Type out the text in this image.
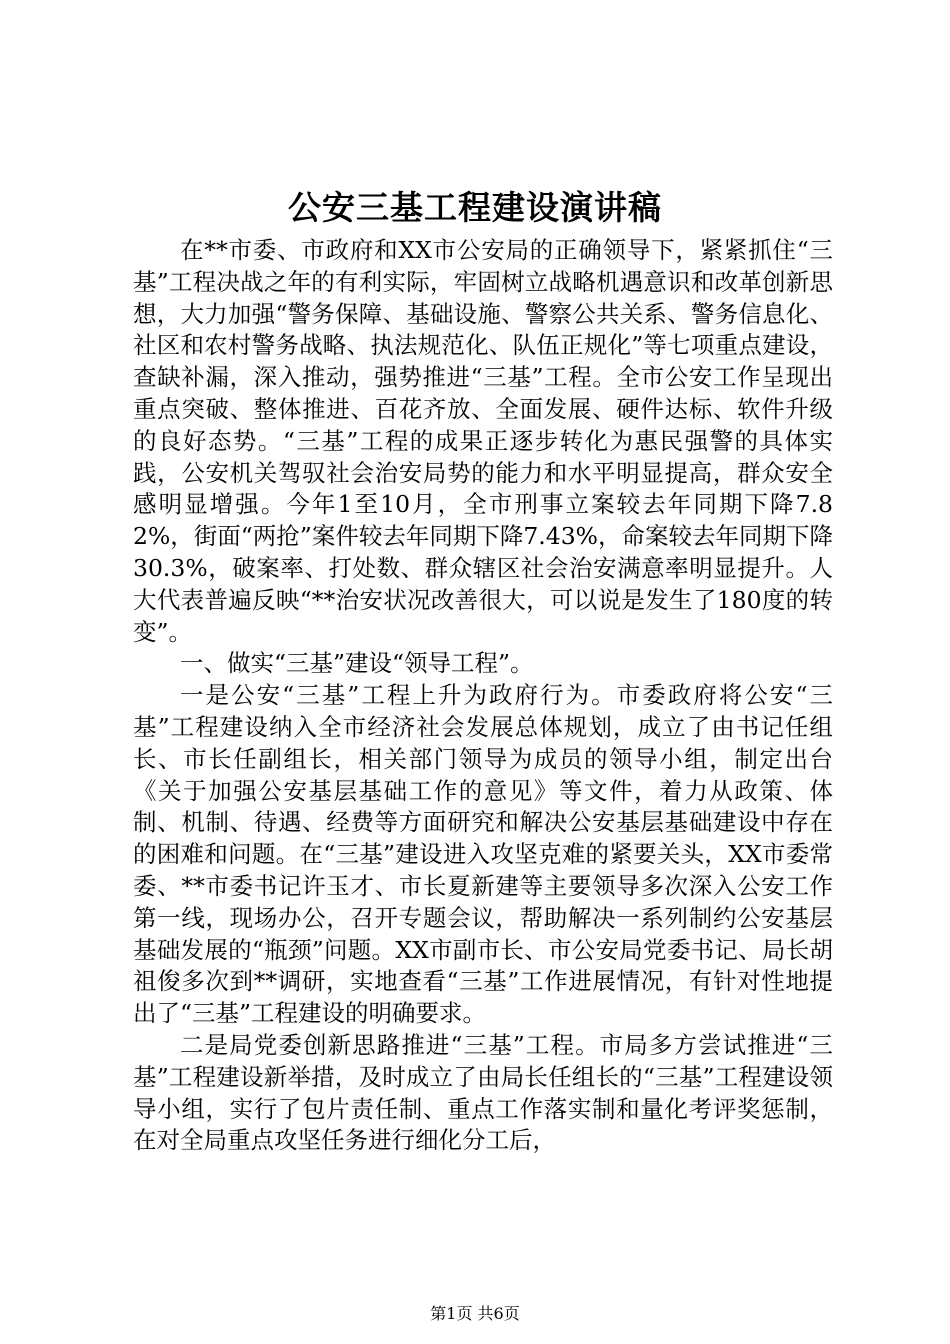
公安三基工程建设演讲稿

在**市委、市政府和XX市公安局的正确领导下，紧紧抓住“三基”工程决战之年的有利实际，牢固树立战略机遇意识和改革创新思想，大力加强“警务保障、基础设施、警察公共关系、警务信息化、社区和农村警务战略、执法规范化、队伍正规化”等七项重点建设，查缺补漏，深入推动，强势推进“三基”工程。全市公安工作呈现出重点突破、整体推进、百花齐放、全面发展、硬件达标、软件升级的良好态势。“三基”工程的成果正逐步转化为惠民强警的具体实践，公安机关驾驭社会治安局势的能力和水平明显提高，群众安全感明显增强。今年1至10月，全市刑事立案较去年同期下降7.82%，街面“两抢”案件较去年同期下降7.43%，命案较去年同期下降30.3%，破案率、打处数、群众辖区社会治安满意率明显提升。人大代表普遍反映“**治安状况改善很大，可以说是发生了180度的转变”。

一、做实“三基”建设“领导工程”。

一是公安“三基”工程上升为政府行为。市委政府将公安“三基”工程建设纳入全市经济社会发展总体规划，成立了由书记任组长、市长任副组长，相关部门领导为成员的领导小组，制定出台《关于加强公安基层基础工作的意见》等文件，着力从政策、体制、机制、待遇、经费等方面研究和解决公安基层基础建设中存在的困难和问题。在“三基”建设进入攻坚克难的紧要关头，XX市委常委、**市委书记许玉才、市长夏新建等主要领导多次深入公安工作第一线，现场办公，召开专题会议，帮助解决一系列制约公安基层基础发展的“瓶颈”问题。XX市副市长、市公安局党委书记、局长胡祖俊多次到**调研，实地查看“三基”工作进展情况，有针对性地提出了“三基”工程建设的明确要求。

二是局党委创新思路推进“三基”工程。市局多方尝试推进“三基”工程建设新举措，及时成立了由局长任组长的“三基”工程建设领导小组，实行了包片责任制、重点工作落实制和量化考评奖惩制，在对全局重点攻坚任务进行细化分工后，

第1页 共6页
